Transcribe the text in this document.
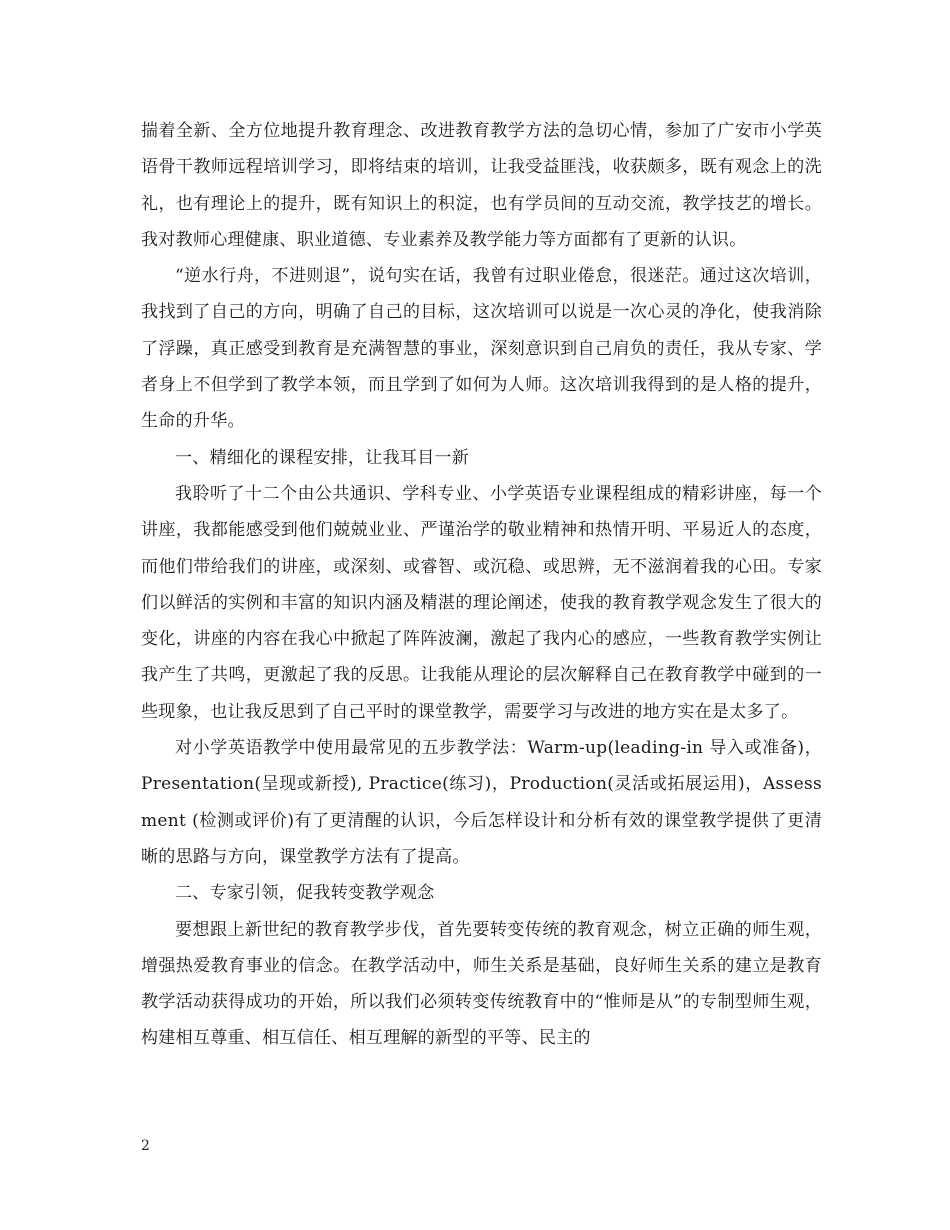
揣着全新、全方位地提升教育理念、改进教育教学方法的急切心情，参加了广安市小学英语骨干教师远程培训学习，即将结束的培训，让我受益匪浅，收获颇多，既有观念上的洗礼，也有理论上的提升，既有知识上的积淀，也有学员间的互动交流，教学技艺的增长。我对教师心理健康、职业道德、专业素养及教学能力等方面都有了更新的认识。

“逆水行舟，不进则退”，说句实在话，我曾有过职业倦怠，很迷茫。通过这次培训，我找到了自己的方向，明确了自己的目标，这次培训可以说是一次心灵的净化，使我消除了浮躁，真正感受到教育是充满智慧的事业，深刻意识到自己肩负的责任，我从专家、学者身上不但学到了教学本领，而且学到了如何为人师。这次培训我得到的是人格的提升，生命的升华。

一、精细化的课程安排，让我耳目一新

我聆听了十二个由公共通识、学科专业、小学英语专业课程组成的精彩讲座，每一个讲座，我都能感受到他们兢兢业业、严谨治学的敬业精神和热情开明、平易近人的态度，而他们带给我们的讲座，或深刻、或睿智、或沉稳、或思辨，无不滋润着我的心田。专家们以鲜活的实例和丰富的知识内涵及精湛的理论阐述，使我的教育教学观念发生了很大的变化，讲座的内容在我心中掀起了阵阵波澜，激起了我内心的感应，一些教育教学实例让我产生了共鸣，更激起了我的反思。让我能从理论的层次解释自己在教育教学中碰到的一些现象，也让我反思到了自己平时的课堂教学，需要学习与改进的地方实在是太多了。

对小学英语教学中使用最常见的五步教学法：Warm-up(leading-in 导入或准备)，Presentation(呈现或新授), Practice(练习)，Production(灵活或拓展运用)，Assessment (检测或评价)有了更清醒的认识，今后怎样设计和分析有效的课堂教学提供了更清晰的思路与方向，课堂教学方法有了提高。

二、专家引领，促我转变教学观念

要想跟上新世纪的教育教学步伐，首先要转变传统的教育观念，树立正确的师生观，增强热爱教育事业的信念。在教学活动中，师生关系是基础，良好师生关系的建立是教育教学活动获得成功的开始，所以我们必须转变传统教育中的“惟师是从”的专制型师生观，构建相互尊重、相互信任、相互理解的新型的平等、民主的

2
